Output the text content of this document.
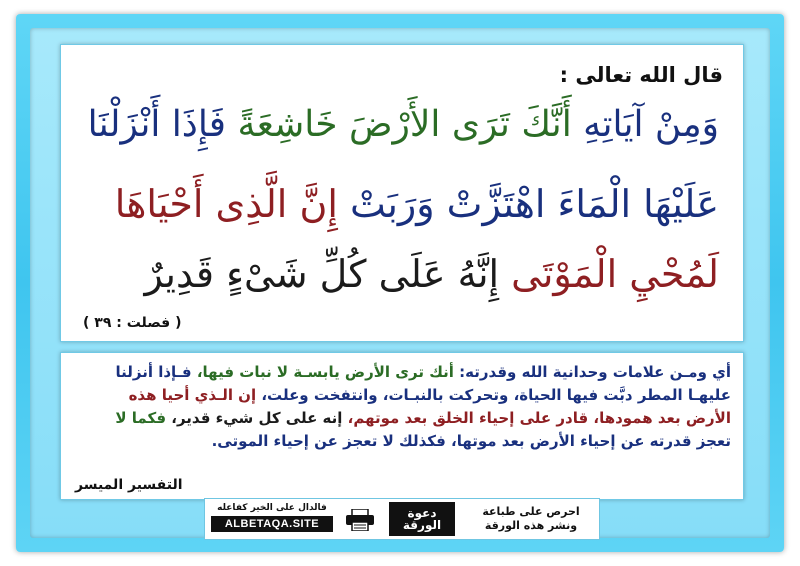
قال الله تعالى :
وَمِنْ آيَاتِهِ أَنَّكَ تَرَى الأَرْضَ خَاشِعَةً فَإِذَا أَنْزَلْنَا
عَلَيْهَا الْمَاءَ اهْتَزَّتْ وَرَبَتْ إِنَّ الَّذِى أَحْيَاهَا
لَمُحْيِ الْمَوْتَى إِنَّهُ عَلَى كُلِّ شَىْءٍ قَدِيرٌ
( فصلت : ٣٩ )
أي ومـن علامات وحدانية الله وقدرته: أنك ترى الأرض يابسـة لا نبات فيها، فـإذا أنزلنا
عليهـا المطر دبَّت فيها الحياة، وتحركت بالنبـات، وانتفخت وعلت، إن الـذي أحيا هذه
الأرض بعد همودها، قادر على إحياء الخلق بعد موتهم، إنه على كل شيء قدير، فكما لا
تعجز قدرته عن إحياء الأرض بعد موتها، فكذلك لا تعجز عن إحياء الموتى.
التفسير الميسر
فالدال على الخير كفاعله
ALBETAQA.SITE
دعوة
الورقة
احرص على طباعة
ونشر هذه الورقة
